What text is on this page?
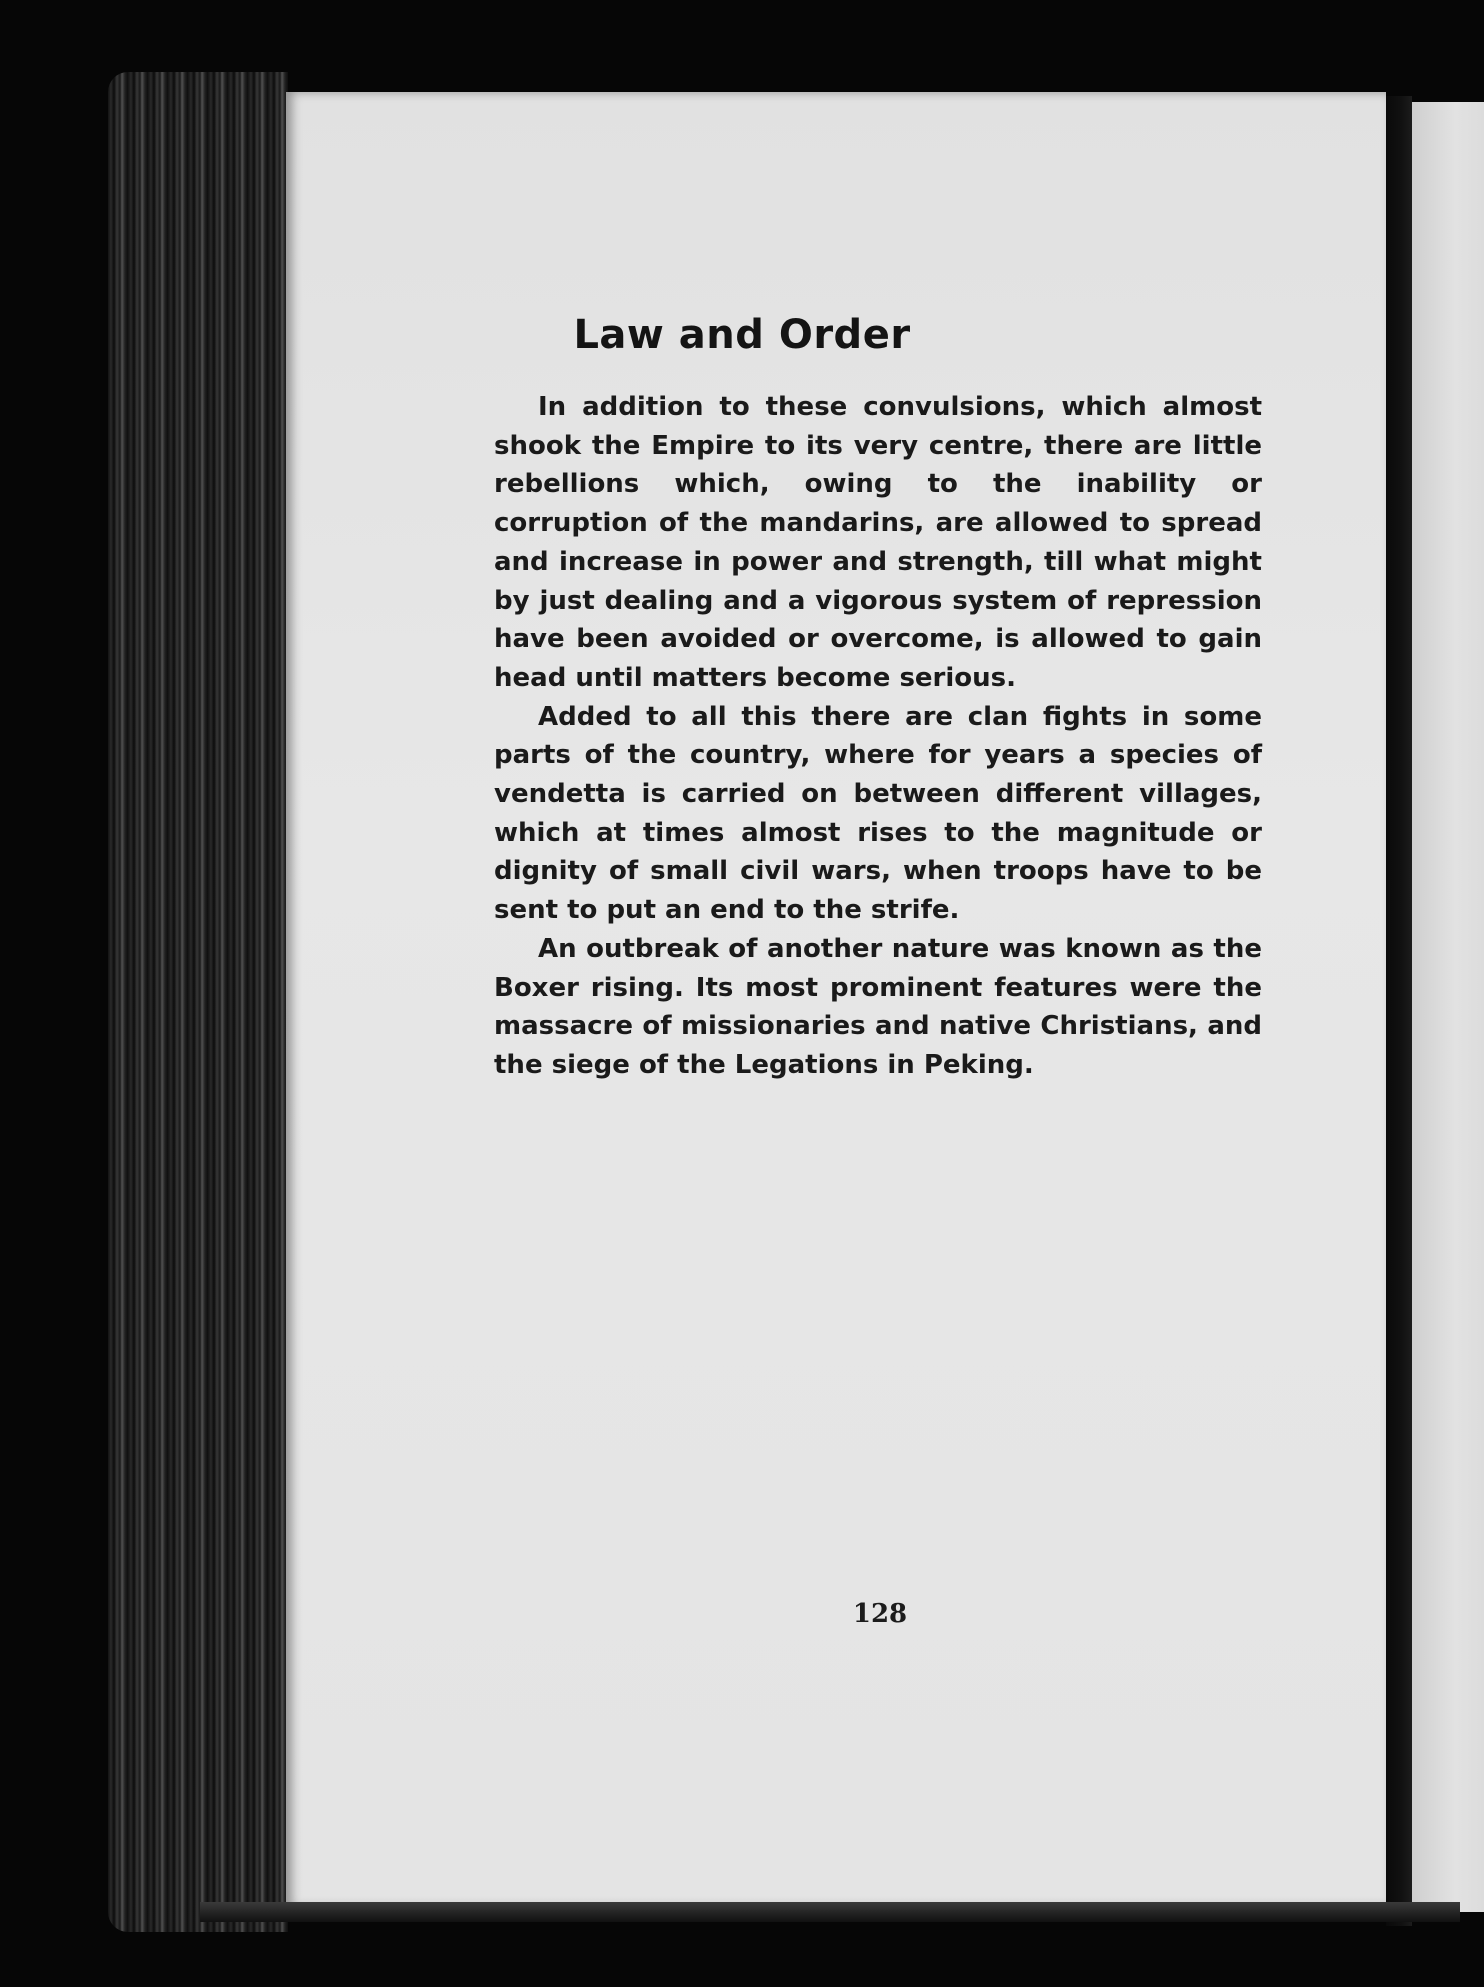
Law and Order

In addition to these convulsions, which almost shook the Empire to its very centre, there are little rebellions which, owing to the inability or corruption of the mandarins, are allowed to spread and increase in power and strength, till what might by just dealing and a vigorous system of repression have been avoided or overcome, is allowed to gain head until matters become serious.

Added to all this there are clan fights in some parts of the country, where for years a species of vendetta is carried on between different villages, which at times almost rises to the magnitude or dignity of small civil wars, when troops have to be sent to put an end to the strife.

An outbreak of another nature was known as the Boxer rising. Its most prominent features were the massacre of missionaries and native Christians, and the siege of the Legations in Peking.

128
